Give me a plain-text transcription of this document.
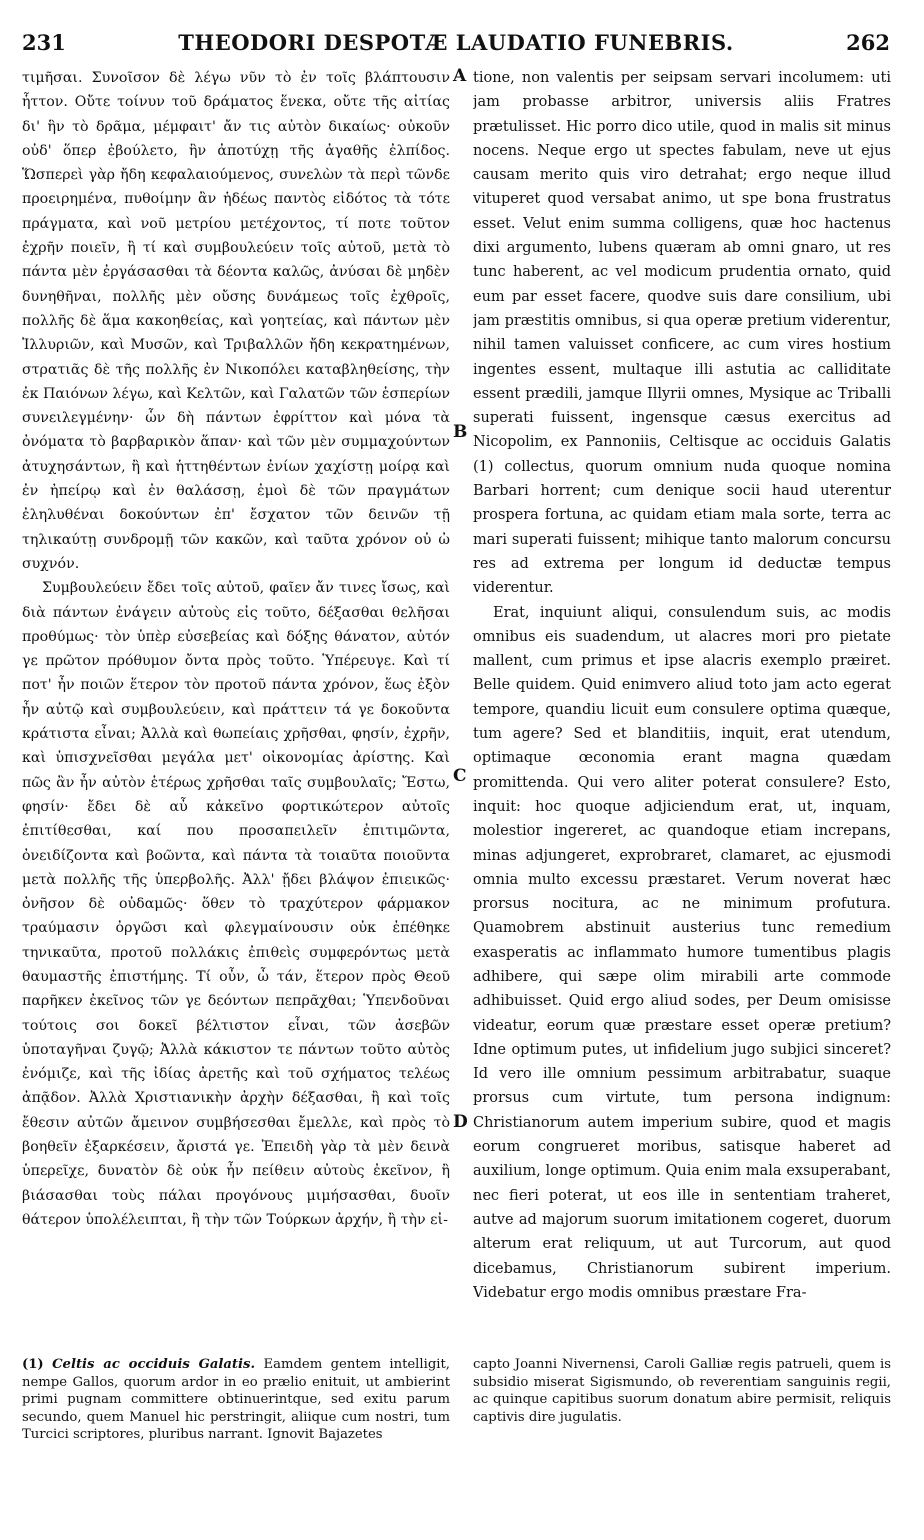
231	THEODORI DESPOTÆ LAUDATIO FUNEBRIS.	262

τιμῆσαι. Συνοῖσον δὲ λέγω νῦν τὸ ἐν τοῖς βλάπτουσιν ἧττον. Οὔτε τοίνυν τοῦ δράματος ἕνεκα, οὔτε τῆς αἰτίας δι' ἣν τὸ δρᾶμα, μέμφαιτ' ἄν τις αὐτὸν δικαίως· οὐκοῦν οὐδ' ὅπερ ἐβούλετο, ἣν ἀποτύχῃ τῆς ἀγαθῆς ἐλπίδος. Ὥσπερεὶ γὰρ ἤδη κεφαλαιούμενος, συνελὼν τὰ περὶ τῶνδε προειρημένα, πυθοίμην ἂν ἡδέως παντὸς εἰδότος τὰ τότε πράγματα, καὶ νοῦ μετρίου μετέχοντος, τί ποτε τοῦτον ἐχρῆν ποιεῖν, ἢ τί καὶ συμβουλεύειν τοῖς αὐτοῦ, μετὰ τὸ πάντα μὲν ἐργάσασθαι τὰ δέοντα καλῶς, ἀνύσαι δὲ μηδὲν δυνηθῆναι, πολλῆς μὲν οὔσης δυνάμεως τοῖς ἐχθροῖς, πολλῆς δὲ ἅμα κακοηθείας, καὶ γοητείας, καὶ πάντων μὲν Ἰλλυριῶν, καὶ Μυσῶν, καὶ Τριβαλλῶν ἤδη κεκρατημένων, στρατιᾶς δὲ τῆς πολλῆς ἐν Νικοπόλει καταβληθείσης, τὴν ἐκ Παιόνων λέγω, καὶ Κελτῶν, καὶ Γαλατῶν τῶν ἑσπερίων συνειλεγμένην· ὧν δὴ πάντων ἐφρίττον καὶ μόνα τὰ ὀνόματα τὸ βαρβαρικὸν ἅπαν· καὶ τῶν μὲν συμμαχούντων ἀτυχησάντων, ἢ καὶ ἡττηθέντων ἐνίων χαχίστῃ μοίρᾳ καὶ ἐν ἠπείρῳ καὶ ἐν θαλάσσῃ, ἐμοὶ δὲ τῶν πραγμάτων ἐληλυθέναι δοκούντων ἐπ' ἔσχατον τῶν δεινῶν τῇ τηλικαύτῃ συνδρομῇ τῶν κακῶν, καὶ ταῦτα χρόνον οὐ ὠ συχνόν.

Συμβουλεύειν ἔδει τοῖς αὐτοῦ, φαῖεν ἄν τινες ἴσως, καὶ διὰ πάντων ἐνάγειν αὐτοὺς εἰς τοῦτο, δέξασθαι θελῆσαι προθύμως· τὸν ὑπὲρ εὐσεβείας καὶ δόξης θάνατον, αὐτόν γε πρῶτον πρόθυμον ὄντα πρὸς τοῦτο. Ὑπέρευγε. Καὶ τί ποτ' ἦν ποιῶν ἕτερον τὸν προτοῦ πάντα χρόνον, ἕως ἐξὸν ἦν αὐτῷ καὶ συμβουλεύειν, καὶ πράττειν τά γε δοκοῦντα κράτιστα εἶναι; Ἀλλὰ καὶ θωπείαις χρῆσθαι, φησίν, ἐχρῆν, καὶ ὑπισχνεῖσθαι μεγάλα μετ' οἰκονομίας ἀρίστης. Καὶ πῶς ἂν ἦν αὐτὸν ἑτέρως χρῆσθαι ταῖς συμβουλαῖς; Ἔστω, φησίν· ἔδει δὲ αὖ κἀκεῖνο φορτικώτερον αὐτοῖς ἐπιτίθεσθαι, καί που προσαπειλεῖν ἐπιτιμῶντα, ὀνειδίζοντα καὶ βοῶντα, καὶ πάντα τὰ τοιαῦτα ποιοῦντα μετὰ πολλῆς τῆς ὑπερβολῆς. Ἀλλ' ᾔδει βλάψον ἐπιεικῶς· ὀνῆσον δὲ οὐδαμῶς· ὅθεν τὸ τραχύτερον φάρμακον τραύμασιν ὀργῶσι καὶ φλεγμαίνουσιν οὐκ ἐπέθηκε τηνικαῦτα, προτοῦ πολλάκις ἐπιθεὶς συμφερόντως μετὰ θαυμαστῆς ἐπιστήμης. Τί οὖν, ὦ τάν, ἕτερον πρὸς Θεοῦ παρῆκεν ἐκεῖνος τῶν γε δεόντων πεπρᾶχθαι; Ὑπενδοῦναι τούτοις σοι δοκεῖ βέλτιστον εἶναι, τῶν ἀσεβῶν ὑποταγῆναι ζυγῷ; Ἀλλὰ κάκιστον τε πάντων τοῦτο αὐτὸς ἐνόμιζε, καὶ τῆς ἰδίας ἀρετῆς καὶ τοῦ σχήματος τελέως ἀπᾷδον. Ἀλλὰ Χριστιανικὴν ἀρχὴν δέξασθαι, ἢ καὶ τοῖς ἔθεσιν αὐτῶν ἄμεινον συμβήσεσθαι ἔμελλε, καὶ πρὸς τὸ βοηθεῖν ἐξαρκέσειν, ἄριστά γε. Ἐπειδὴ γὰρ τὰ μὲν δεινὰ ὑπερεῖχε, δυνατὸν δὲ οὐκ ἦν πείθειν αὐτοὺς ἐκεῖνον, ἢ βιάσασθαι τοὺς πάλαι προγόνους μιμήσασθαι, δυοῖν θάτερον ὑπολέλειπται, ἢ τὴν τῶν Τούρκων ἀρχήν, ἢ τὴν εἰ-

A
B
C
D

tione, non valentis per seipsam servari incolumem: uti jam probasse arbitror, universis aliis Fratres prætulisset. Hic porro dico utile, quod in malis sit minus nocens. Neque ergo ut spectes fabulam, neve ut ejus causam merito quis viro detrahat; ergo neque illud vituperet quod versabat animo, ut spe bona frustratus esset. Velut enim summa colligens, quæ hoc hactenus dixi argumento, lubens quæram ab omni gnaro, ut res tunc haberent, ac vel modicum prudentia ornato, quid eum par esset facere, quodve suis dare consilium, ubi jam præstitis omnibus, si qua operæ pretium viderentur, nihil tamen valuisset conficere, ac cum vires hostium ingentes essent, multaque illi astutia ac calliditate essent prædili, jamque Illyrii omnes, Mysique ac Triballi superati fuissent, ingensque cæsus exercitus ad Nicopolim, ex Pannoniis, Celtisque ac occiduis Galatis (1) collectus, quorum omnium nuda quoque nomina Barbari horrent; cum denique socii haud uterentur prospera fortuna, ac quidam etiam mala sorte, terra ac mari superati fuissent; mihique tanto malorum concursu res ad extrema per longum id deductæ tempus viderentur.

Erat, inquiunt aliqui, consulendum suis, ac modis omnibus eis suadendum, ut alacres mori pro pietate mallent, cum primus et ipse alacris exemplo præiret. Belle quidem. Quid enimvero aliud toto jam acto egerat tempore, quandiu licuit eum consulere optima quæque, tum agere? Sed et blanditiis, inquit, erat utendum, optimaque œconomia erant magna quædam promittenda. Qui vero aliter poterat consulere? Esto, inquit: hoc quoque adjiciendum erat, ut, inquam, molestior ingereret, ac quandoque etiam increpans, minas adjungeret, exprobraret, clamaret, ac ejusmodi omnia multo excessu præstaret. Verum noverat hæc prorsus nocitura, ac ne minimum profutura. Quamobrem abstinuit austerius tunc remedium exasperatis ac inflammato humore tumentibus plagis adhibere, qui sæpe olim mirabili arte commode adhibuisset. Quid ergo aliud sodes, per Deum omisisse videatur, eorum quæ præstare esset operæ pretium? Idne optimum putes, ut infidelium jugo subjici sinceret? Id vero ille omnium pessimum arbitrabatur, suaque prorsus cum virtute, tum persona indignum: Christianorum autem imperium subire, quod et magis eorum congrueret moribus, satisque haberet ad auxilium, longe optimum. Quia enim mala exsuperabant, nec fieri poterat, ut eos ille in sententiam traheret, autve ad majorum suorum imitationem cogeret, duorum alterum erat reliquum, ut aut Turcorum, aut quod dicebamus, Christianorum subirent imperium. Videbatur ergo modis omnibus præstare Fra-

(1) Celtis ac occiduis Galatis. Eamdem gentem intelligit, nempe Gallos, quorum ardor in eo prælio enituit, ut ambierint primi pugnam committere obtinuerintque, sed exitu parum secundo, quem Manuel hic perstringit, aliique cum nostri, tum Turcici scriptores, pluribus narrant. Ignovit Bajazetes

capto Joanni Nivernensi, Caroli Galliæ regis patrueli, quem is subsidio miserat Sigismundo, ob reverentiam sanguinis regii, ac quinque capitibus suorum donatum abire permisit, reliquis captivis dire jugulatis.
